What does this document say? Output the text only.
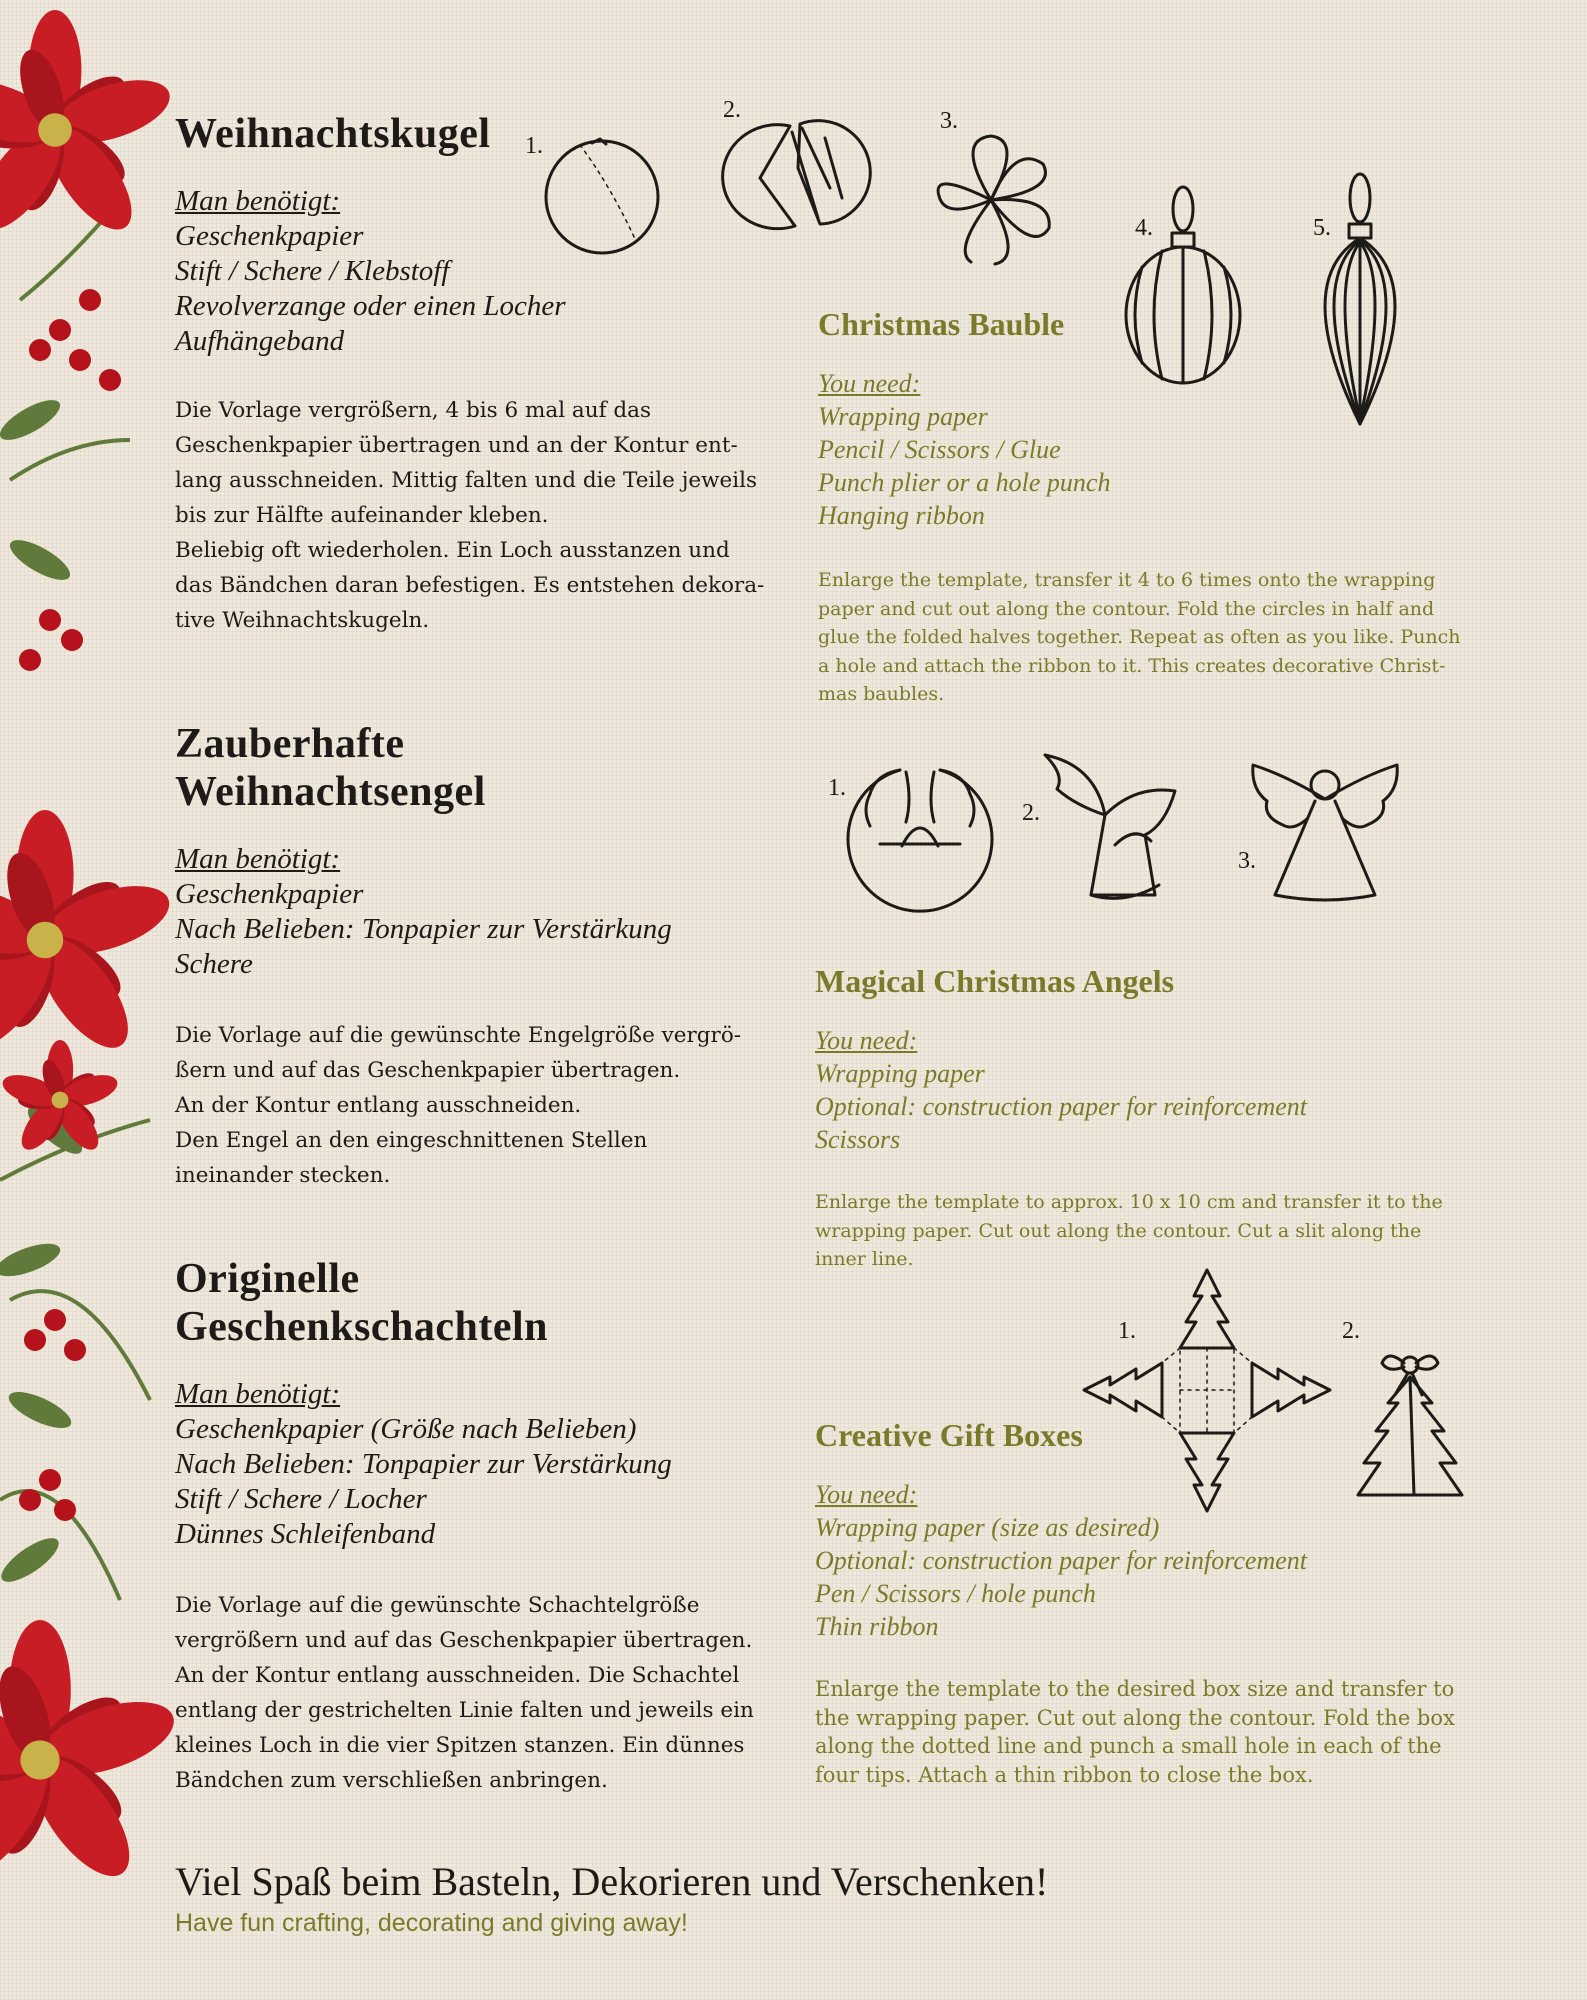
Weihnachtskugel

Man benötigt:

Geschenkpapier

Stift / Schere / Klebstoff

Revolverzange oder einen Locher

Aufhängeband

Die Vorlage vergrößern, 4 bis 6 mal auf das

Geschenkpapier übertragen und an der Kontur ent-

lang ausschneiden. Mittig falten und die Teile jeweils

bis zur Hälfte aufeinander kleben.

Beliebig oft wiederholen. Ein Loch ausstanzen und

das Bändchen daran befestigen. Es entstehen dekora-

tive Weihnachtskugeln.

1.
2.	3.
4.	5.
Christmas Bauble

You need:

Wrapping paper

Pencil / Scissors / Glue

Punch plier or a hole punch

Hanging ribbon

Enlarge the template, transfer it 4 to 6 times onto the wrapping

paper and cut out along the contour. Fold the circles in half and

glue the folded halves together. Repeat as often as you like. Punch

a hole and attach the ribbon to it. This creates decorative Christ-

mas baubles.

Zauberhafte
Weihnachtsengel

Man benötigt:

Geschenkpapier

Nach Belieben: Tonpapier zur Verstärkung

Schere

Die Vorlage auf die gewünschte Engelgröße vergrö-

ßern und auf das Geschenkpapier übertragen.

An der Kontur entlang ausschneiden.

Den Engel an den eingeschnittenen Stellen

ineinander stecken.

1.
2.
3.
Magical Christmas Angels

You need:

Wrapping paper

Optional: construction paper for reinforcement

Scissors

Enlarge the template to approx. 10 x 10 cm and transfer it to the

wrapping paper. Cut out along the contour. Cut a slit along the

inner line.

Originelle
Geschenkschachteln

Man benötigt:

Geschenkpapier (Größe nach Belieben)

Nach Belieben: Tonpapier zur Verstärkung

Stift / Schere / Locher

Dünnes Schleifenband

Die Vorlage auf die gewünschte Schachtelgröße

vergrößern und auf das Geschenkpapier übertragen.

An der Kontur entlang ausschneiden. Die Schachtel

entlang der gestrichelten Linie falten und jeweils ein

kleines Loch in die vier Spitzen stanzen. Ein dünnes

Bändchen zum verschließen anbringen.

1.	2.
Creative Gift Boxes

You need:

Wrapping paper (size as desired)

Optional: construction paper for reinforcement

Pen / Scissors / hole punch

Thin ribbon

Enlarge the template to the desired box size and transfer to

the wrapping paper. Cut out along the contour. Fold the box

along the dotted line and punch a small hole in each of the

four tips. Attach a thin ribbon to close the box.

Viel Spaß beim Basteln, Dekorieren und Verschenken!

Have fun crafting, decorating and giving away!
